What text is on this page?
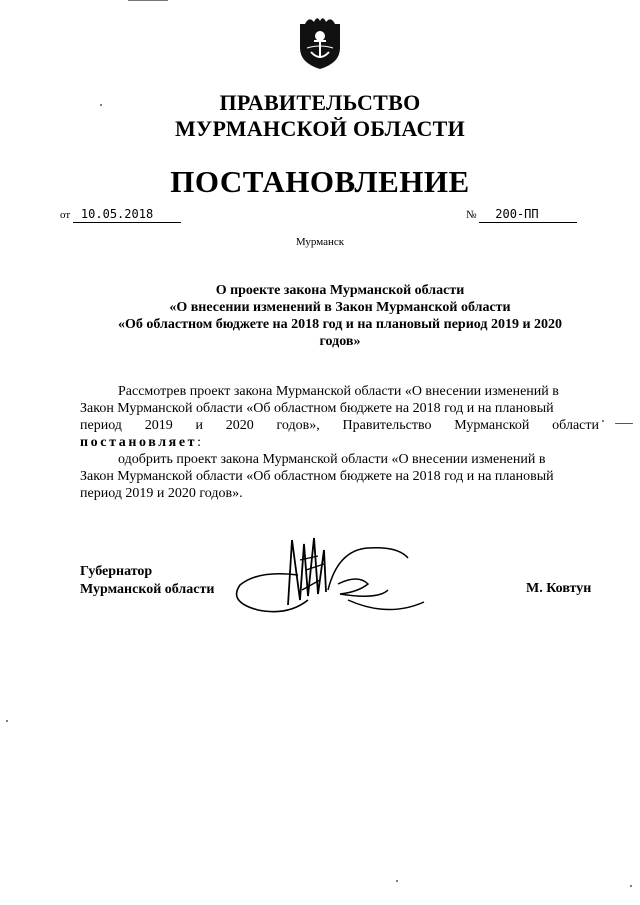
ПРАВИТЕЛЬСТВО
МУРМАНСКОЙ ОБЛАСТИ
ПОСТАНОВЛЕНИЕ
от 10.05.2018	№ 200-ПП
Мурманск
О проекте закона Мурманской области
«О внесении изменений в Закон Мурманской области
«Об областном бюджете на 2018 год и на плановый период 2019 и 2020
годов»
Рассмотрев проект закона Мурманской области «О внесении изменений в
Закон Мурманской области «Об областном бюджете на 2018 год и на плановый
период 2019 и 2020 годов», Правительство Мурманской области
постановляет:
одобрить проект закона Мурманской области «О внесении изменений в
Закон Мурманской области «Об областном бюджете на 2018 год и на плановый
период 2019 и 2020 годов».
Губернатор
Мурманской области	М. Ковтун
